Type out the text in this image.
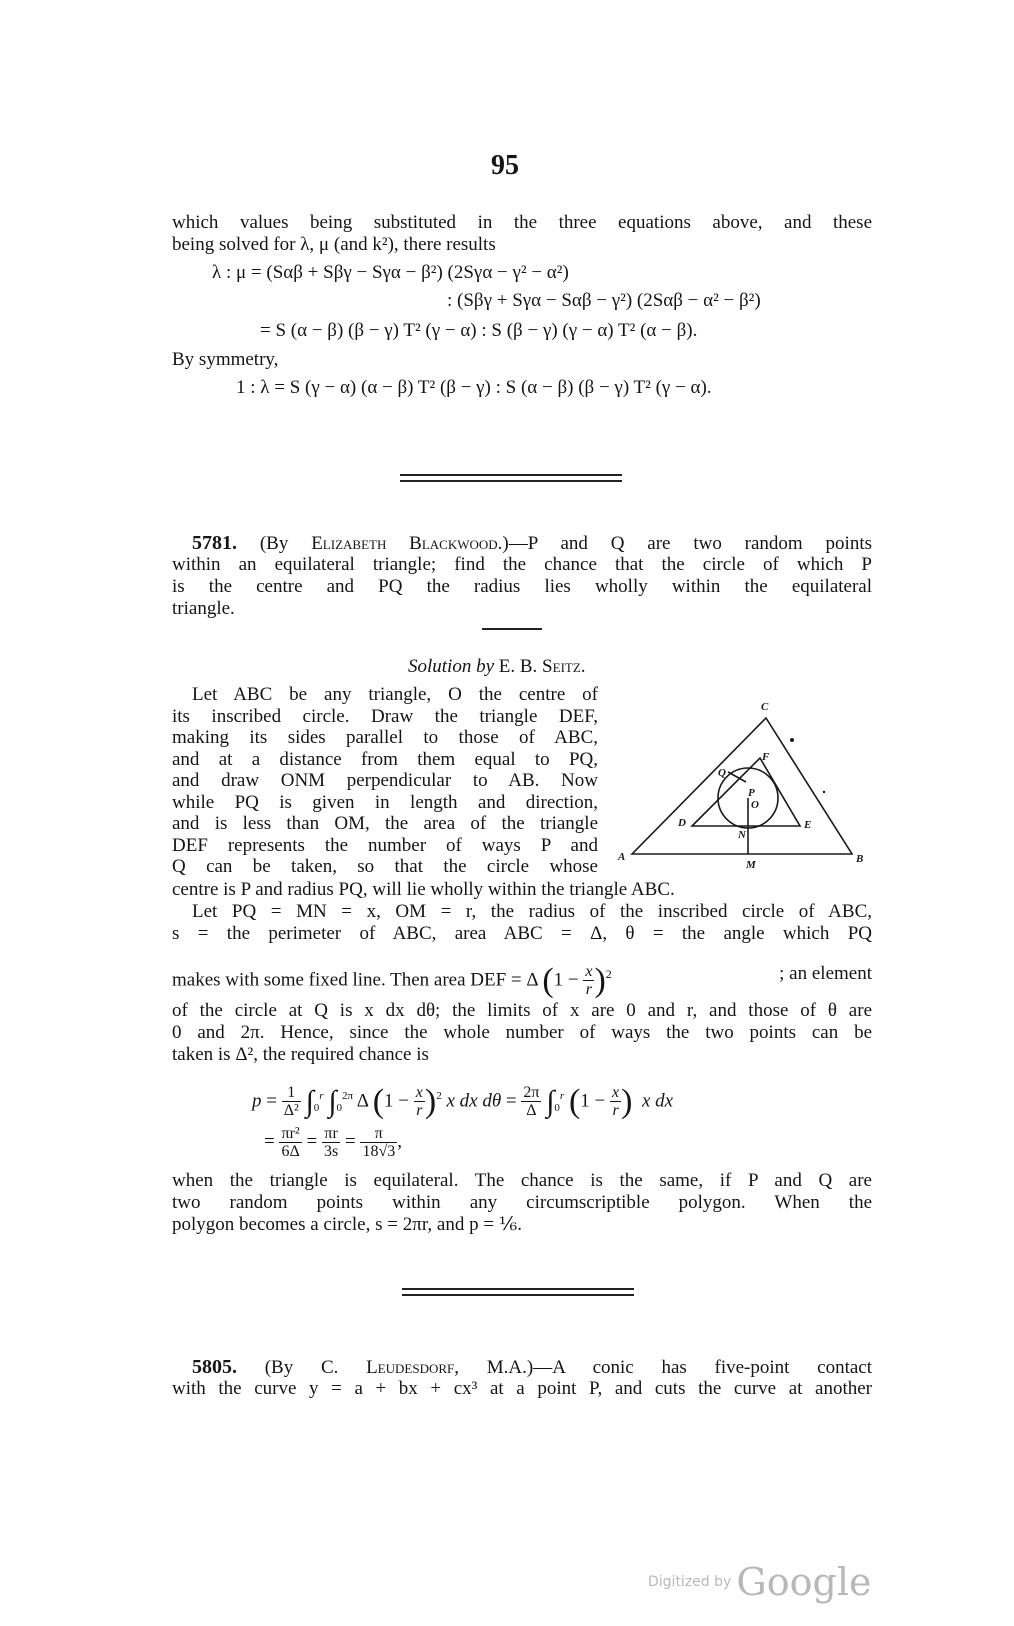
95
which values being substituted in the three equations above, and these
being solved for λ, μ (and k²), there results
λ : μ = (Sαβ + Sβγ − Sγα − β²) (2Sγα − γ² − α²)
: (Sβγ + Sγα − Sαβ − γ²) (2Sαβ − α² − β²)
= S (α − β) (β − γ) T² (γ − α) : S (β − γ) (γ − α) T² (α − β).
By symmetry,
1 : λ = S (γ − α) (α − β) T² (β − γ) : S (α − β) (β − γ) T² (γ − α).
5781. (By Elizabeth Blackwood.)—P and Q are two random points
within an equilateral triangle; find the chance that the circle of which P
is the centre and PQ the radius lies wholly within the equilateral
triangle.
Solution by E. B. Seitz.
Let ABC be any triangle, O the centre of
its inscribed circle. Draw the triangle DEF,
making its sides parallel to those of ABC,
and at a distance from them equal to PQ,
and draw ONM perpendicular to AB. Now
while PQ is given in length and direction,
and is less than OM, the area of the triangle
DEF represents the number of ways P and
Q can be taken, so that the circle whose A	B
C
D	E
F
M
N
O
P
Q
centre is P and radius PQ, will lie wholly within the triangle ABC.
Let PQ = MN = x, OM = r, the radius of the inscribed circle of ABC,
s = the perimeter of ABC, area ABC = Δ, θ = the angle which PQ
makes with some fixed line. Then area DEF = Δ $(1 - \frac{x}{r} )^2$	; an element
of the circle at Q is x dx dθ; the limits of x are 0 and r, and those of θ are
0 and 2π. Hence, since the whole number of ways the two points can be
taken is Δ², the required chance is
$p = \frac{1}{\text{Δ²}} \int_0^r$ $\int_0^{2\pi}$ Δ $(1 - \frac{x}{r} )^2$ x dx $d\theta = \frac{2\pi}{\Delta} \int_0^r$ ($1 - \frac{x}{r}$ ) x dx
= $\frac{\text{πr²}}{6\Delta} = \frac{\pi r}{3s} = \frac{\pi}{18√3}$ ,
when the triangle is equilateral. The chance is the same, if P and Q are
two random points within any circumscriptible polygon. When the
polygon becomes a circle, s = 2πr, and p = ⅙.
5805. (By C. Leudesdorf, M.A.)—A conic has five-point contact
with the curve y = a + bx + cx³ at a point P, and cuts the curve at another
Digitized by Google
